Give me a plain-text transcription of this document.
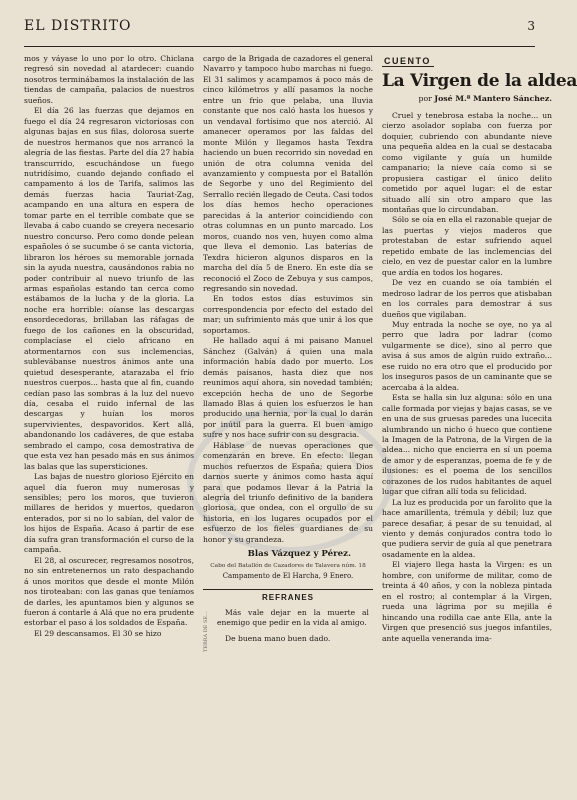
EL DISTRITO	3

mos y váyase lo uno por lo otro. Chiclana regresó sin novedad al atardecer: cuando nosotros terminábamos la instalación de las tiendas de campaña, palacios de nuestros sueños.

El día 26 las fuerzas que dejamos en fuego el día 24 regresaron victoriosas con algunas bajas en sus filas, dolorosa suerte de nuestros hermanos que nos arrancó la alegría de las fiestas. Parte del día 27 había transcurrido, escuchándose un fuego nutridísimo, cuando dejando confiado el campamento á los de Tarifa, salimos las demás fuerzas hacia Tauriat-Zag, acampando en una altura en espera de tomar parte en el terrible combate que se llevaba á cabo cuando se creyera necesario nuestro concurso. Pero como donde pelean españoles ó se sucumbe ó se canta victoria, libraron los héroes su memorable jornada sin la ayuda nuestra, causándonos rabia no poder contribuir al nuevo triunfo de las armas españolas estando tan cerca como estábamos de la lucha y de la gloria. La noche era horrible: oíanse las descargas ensordecedoras, brillaban las ráfagas de fuego de los cañones en la obscuridad, complacíase el cielo africano en atormentarnos con sus inclemencias, sublevábanse nuestros ánimos ante una quietud desesperante, atarazaba el frío nuestros cuerpos... hasta que al fin, cuando cedían paso las sombras á la luz del nuevo día, cesaba el ruido infernal de las descargas y huían los moros supervivientes, despavoridos. Kert allá, abandonando los cadáveres, de que estaba sembrado el campo, cosa demostrativa de que esta vez han pesado más en sus ánimos las balas que las supersticiones.

Las bajas de nuestro glorioso Ejército en aquel día fueron muy numerosas y sensibles; pero los moros, que tuvieron millares de heridos y muertos, quedaron enterados, por si no lo sabían, del valor de los hijos de España. Acaso á partir de ese día sufra gran transformación el curso de la campaña.

El 28, al oscurecer, regresamos nosotros, no sin entretenernos un rato despachando á unos moritos que desde el monte Milón nos tiroteaban: con las ganas que teníamos de darles, les apuntamos bien y algunos se fueron á contarle á Alá que no era prudente estorbar el paso á los soldados de España.

El 29 descansamos. El 30 se hizo

cargo de la Brigada de cazadores el general Navarro y tampoco hubo marchas ni fuego. El 31 salimos y acampamos á poco más de cinco kilómetros y allí pasamos la noche entre un frío que pelaba, una lluvia constante que nos caló hasta los huesos y un vendaval fortísimo que nos aterció. Al amanecer operamos por las faldas del monte Milón y llegamos hasta Texdra haciendo un buen recorrido sin novedad en unión de otra columna venida del avanzamiento y compuesta por el Batallón de Segorbe y uno del Regimiento del Serrallo recién llegado de Ceuta. Casi todos los días hemos hecho operaciones parecidas á la anterior coincidiendo con otras columnas en un punto marcado. Los moros, cuando nos ven, huyen como alma que lleva el demonio. Las baterías de Texdra hicieron algunos disparos en la marcha del día 5 de Enero. En este día se reconoció el Zoco de Zebuya y sus campos, regresando sin novedad.

En todos estos días estuvimos sin correspondencia por efecto del estado del mar; un sufrimiento más que unir á los que soportamos.

He hallado aquí á mi paisano Manuel Sánchez (Galván) á quien una mala información había dado por muerto. Los demás paisanos, hasta diez que nos reunimos aquí ahora, sin novedad también; excepción hecha de uno de Segorbe llamado Blas á quien los esfuerzos le han producido una hernia, por la cual lo darán por inútil para la guerra. El buen amigo sufre y nos hace sufrir con su desgracia.

Háblase de nuevas operaciones que comenzarán en breve. En efecto: llegan muchos refuerzos de España; quiera Dios darnos suerte y ánimos como hasta aquí para que podamos llevar á la Patria la alegría del triunfo definitivo de la bandera gloriosa, que ondea, con el orgullo de su historia, en los lugares ocupados por el esfuerzo de los fieles guardianes de su honor y su grandeza.

Blas Vázquez y Pérez.
Cabo del Batallón de Cazadores de Talavera núm. 18
Campamento de El Harcha, 9 Enero.
REFRANES
TERRA DE SE...	Más vale dejar en la muerte al enemigo que pedir en la vida al amigo.

De buena mano buen dado.

CUENTO
La Virgen de la aldea
por José M.ª Mantero Sánchez.

Cruel y tenebrosa estaba la noche... un cierzo asolador soplaba con fuerza por doquier, cubriendo con abundante nieve una pequeña aldea en la cual se destacaba como vigilante y guía un humilde campanario; la nieve caía como si se propusiera castigar el único delito cometido por aquel lugar: el de estar situado allí sin otro amparo que las montañas que lo circundaban.

Sólo se oía en ella el razonable quejar de las puertas y viejos maderos que protestaban de estar sufriendo aquel repetido embate de las inclemencias del cielo, en vez de puestar calor en la lumbre que ardía en todos los hogares.

De vez en cuando se oía también el medroso ladrar de los perros que atisbaban en los corrales para demostrar á sus dueños que vigilaban.

Muy entrada la noche se oye, no ya al perro que ladra por ladrar (como vulgarmente se dice), sino al perro que avisa á sus amos de algún ruido extraño... ese ruido no era otro que el producido por los inseguros pasos de un caminante que se acercaba á la aldea.

Esta se halla sin luz alguna: sólo en una calle formada por viejas y bajas casas, se ve en una de sus gruesas paredes una lucecita alumbrando un nicho ó hueco que contiene la Imagen de la Patrona, de la Virgen de la aldea... nicho que encierra en sí un poema de amor y de esperanzas, poema de fe y de ilusiones: es el poema de los sencillos corazones de los rudos habitantes de aquel lugar que cifran allí toda su felicidad.

La luz es producida por un farolito que la hace amarillenta, trémula y débil; luz que parece desafiar, á pesar de su tenuidad, al viento y demás conjurados contra todo lo que pudiera servir de guía al que penetrara osadamente en la aldea.

El viajero llega hasta la Virgen: es un hombre, con uniforme de militar, como de treinta á 40 años, y con la nobleza pintada en el rostro; al contemplar á la Virgen, rueda una lágrima por su mejilla é hincando una rodilla cae ante Ella, ante la Virgen que presenció sus juegos infantiles, ante aquella veneranda ima-
